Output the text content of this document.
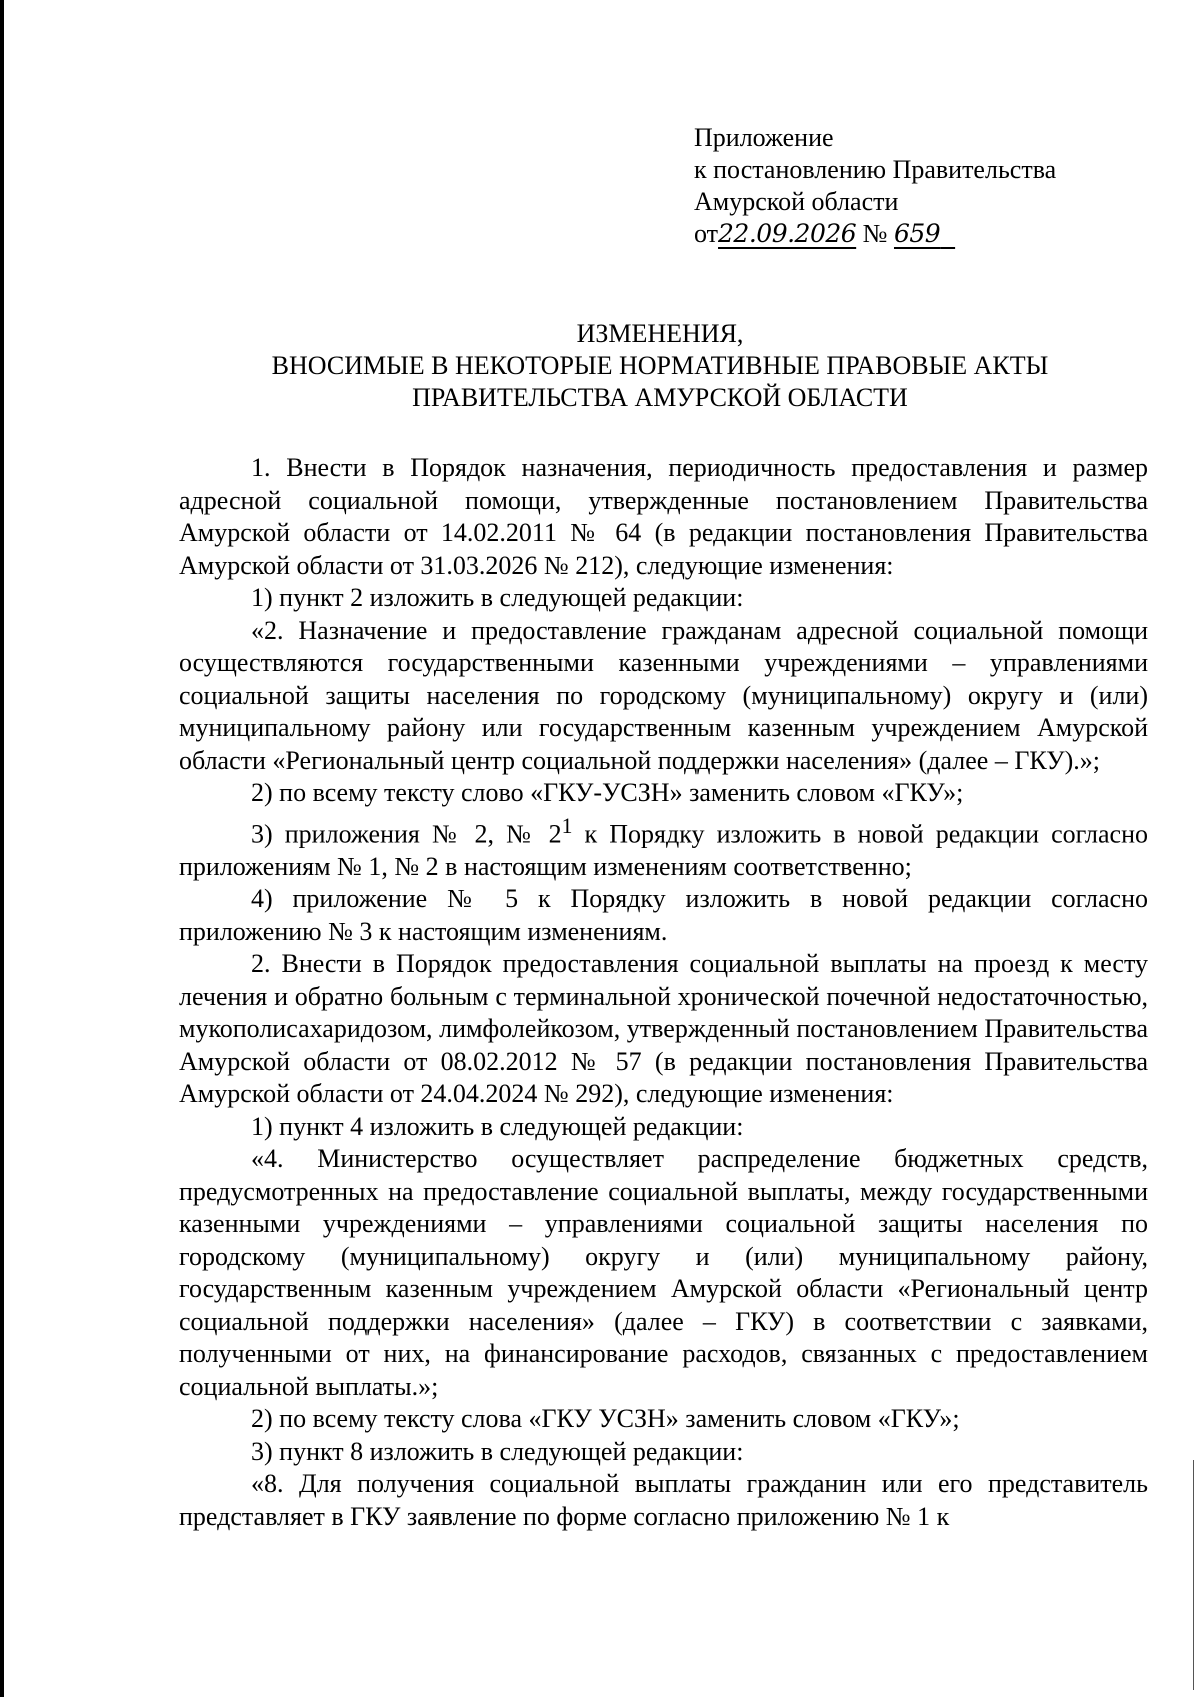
Приложение
к постановлению Правительства
Амурской области
от22.09.2026 № 659
ИЗМЕНЕНИЯ,
ВНОСИМЫЕ В НЕКОТОРЫЕ НОРМАТИВНЫЕ ПРАВОВЫЕ АКТЫ
ПРАВИТЕЛЬСТВА АМУРСКОЙ ОБЛАСТИ

1. Внести в Порядок назначения, периодичность предоставления и размер адресной социальной помощи, утвержденные постановлением Правительства Амурской области от 14.02.2011 № 64 (в редакции постановления Правительства Амурской области от 31.03.2026 № 212), следующие изменения:

1) пункт 2 изложить в следующей редакции:

«2. Назначение и предоставление гражданам адресной социальной помощи осуществляются государственными казенными учреждениями – управлениями социальной защиты населения по городскому (муниципальному) округу и (или) муниципальному району или государственным казенным учреждением Амурской области «Региональный центр социальной поддержки населения» (далее – ГКУ).»;

2) по всему тексту слово «ГКУ-УСЗН» заменить словом «ГКУ»;

3) приложения № 2, № $2^1$ к Порядку изложить в новой редакции согласно приложениям № 1, № 2 в настоящим изменениям соответственно;

4) приложение № 5 к Порядку изложить в новой редакции согласно приложению № 3 к настоящим изменениям.

2. Внести в Порядок предоставления социальной выплаты на проезд к месту лечения и обратно больным с терминальной хронической почечной недостаточностью, мукополисахаридозом, лимфолейкозом, утвержденный постановлением Правительства Амурской области от 08.02.2012 № 57 (в редакции постановления Правительства Амурской области от 24.04.2024 № 292), следующие изменения:

1) пункт 4 изложить в следующей редакции:

«4. Министерство осуществляет распределение бюджетных средств, предусмотренных на предоставление социальной выплаты, между государственными казенными учреждениями – управлениями социальной защиты населения по городскому (муниципальному) округу и (или) муниципальному району, государственным казенным учреждением Амурской области «Региональный центр социальной поддержки населения» (далее – ГКУ) в соответствии с заявками, полученными от них, на финансирование расходов, связанных с предоставлением социальной выплаты.»;

2) по всему тексту слова «ГКУ УСЗН» заменить словом «ГКУ»;

3) пункт 8 изложить в следующей редакции:

«8. Для получения социальной выплаты гражданин или его представитель представляет в ГКУ заявление по форме согласно приложению № 1 к
